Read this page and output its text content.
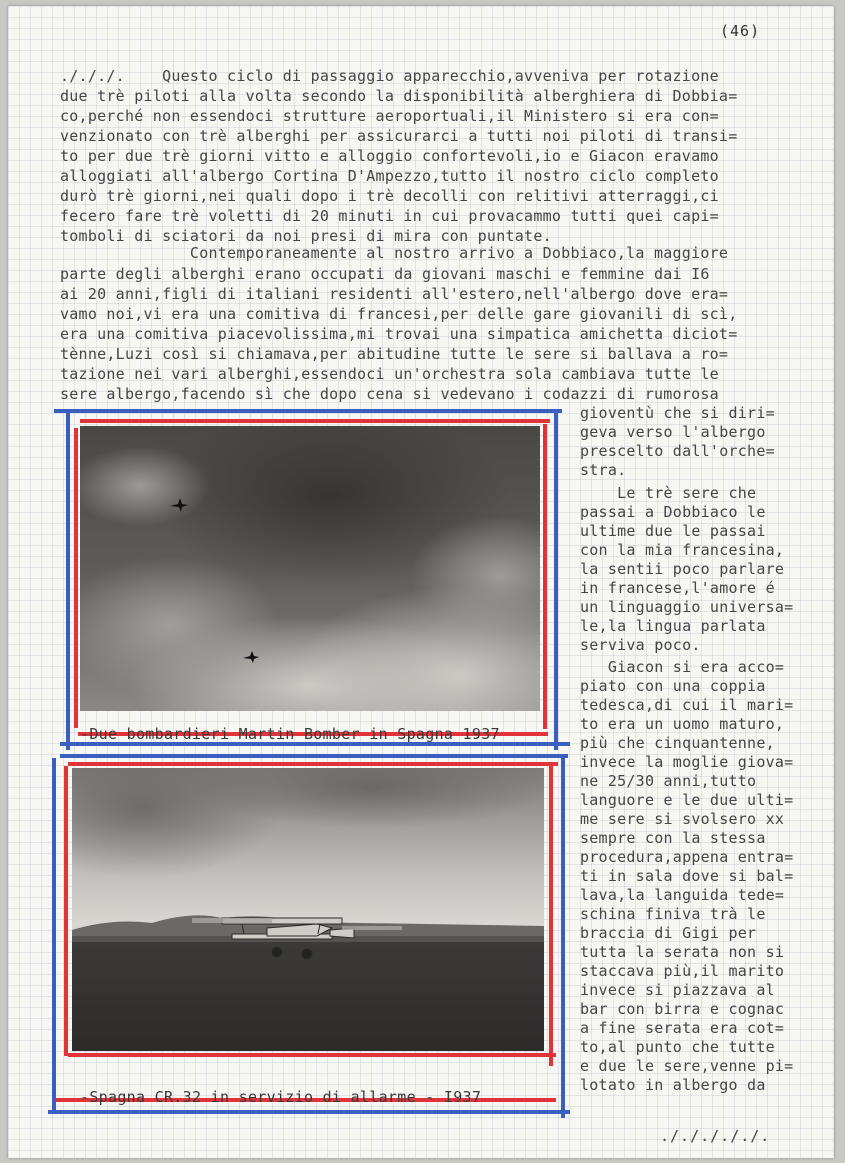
(46)
./././.    Questo ciclo di passaggio apparecchio,avveniva per rotazione
due trè piloti alla volta secondo la disponibilità alberghiera di Dobbia=
co,perché non essendoci strutture aeroportuali,il Ministero si era con=
venzionato con trè alberghi per assicurarci a tutti noi piloti di transi=
to per due trè giorni vitto e alloggio confortevoli,io e Giacon eravamo
alloggiati all'albergo Cortina D'Ampezzo,tutto il nostro ciclo completo
durò trè giorni,nei quali dopo i trè decolli con relitivi atterraggi,ci
fecero fare trè voletti di 20 minuti in cui provacammo tutti quei capi=
tomboli di sciatori da noi presi di mira con puntate.
Contemporaneamente al nostro arrivo a Dobbiaco,la maggiore
parte degli alberghi erano occupati da giovani maschi e femmine dai I6
ai 20 anni,figli di italiani residenti all'estero,nell'albergo dove era=
vamo noi,vi era una comitiva di francesi,per delle gare giovanili di scì,
era una comitiva piacevolissima,mi trovai una simpatica amichetta diciot=
tènne,Luzi così si chiamava,per abitudine tutte le sere si ballava a ro=
tazione nei vari alberghi,essendoci un'orchestra sola cambiava tutte le
sere albergo,facendo sì che dopo cena si vedevano i codazzi di rumorosa
gioventù che si diri=
geva verso l'albergo
prescelto dall'orche=
stra.
Le trè sere che
passai a Dobbiaco le
ultime due le passai
con la mia francesina,
la sentii poco parlare
in francese,l'amore é
un linguaggio universa=
le,la lingua parlata
serviva poco.
Giacon si era acco=
piato con una coppia
tedesca,di cui il mari=
to era un uomo maturo,
più che cinquantenne,
invece la moglie giova=
ne 25/30 anni,tutto
languore e le due ulti=
me sere si svolsero xx
sempre con la stessa
procedura,appena entra=
ti in sala dove si bal=
lava,la languida tede=
schina finiva trà le
braccia di Gigi per
tutta la serata non si
staccava più,il marito
invece si piazzava al
bar con birra e cognac
a fine serata era cot=
to,al punto che tutte
e due le sere,venne pi=
lotato in albergo da
-Due bombardieri Martin Bomber in Spagna 1937
-Spagna CR.32 in servizio di allarme - I937
./././././.
